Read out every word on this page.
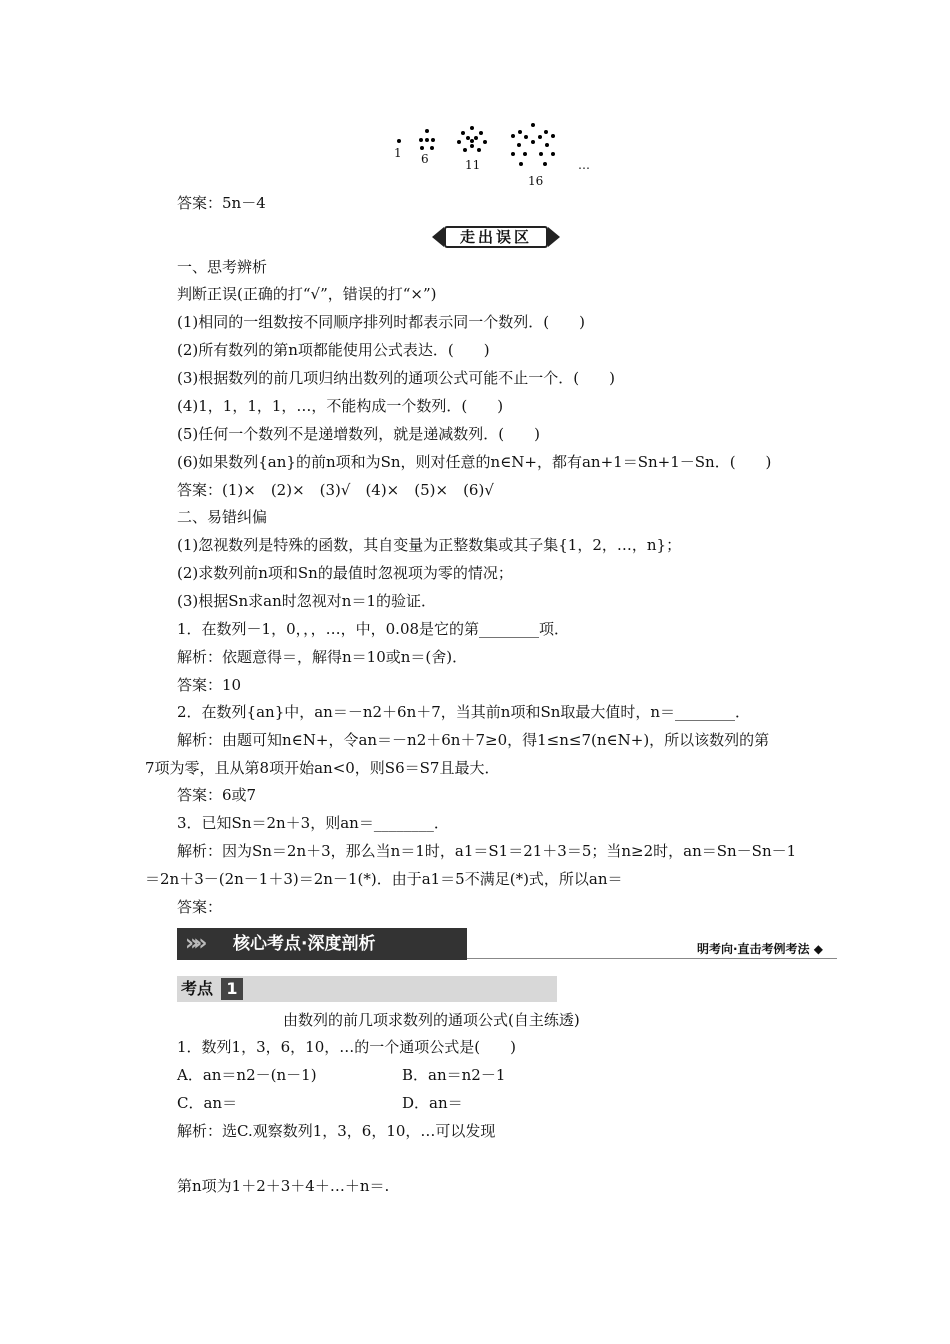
1 6	11
16
…
答案：5n－4
走出误区
一、思考辨析
判断正误(正确的打“√”，错误的打“×”)
(1)相同的一组数按不同顺序排列时都表示同一个数列．(　　)
(2)所有数列的第n项都能使用公式表达．(　　)
(3)根据数列的前几项归纳出数列的通项公式可能不止一个．(　　)
(4)1，1，1，1，…，不能构成一个数列．(　　)
(5)任何一个数列不是递增数列，就是递减数列．(　　)
(6)如果数列{an}的前n项和为Sn，则对任意的n∈N+，都有an+1＝Sn+1－Sn．(　　)
答案：(1)×　(2)×　(3)√　(4)×　(5)×　(6)√
二、易错纠偏
(1)忽视数列是特殊的函数，其自变量为正整数集或其子集{1，2，…，n}；
(2)求数列前n项和Sn的最值时忽视项为零的情况；
(3)根据Sn求an时忽视对n＝1的验证．
1．在数列－1，0，，，…，中，0.08是它的第________项．
解析：依题意得＝，解得n＝10或n＝(舍)．
答案：10
2．在数列{an}中，an＝－n2＋6n＋7，当其前n项和Sn取最大值时，n＝________．
解析：由题可知n∈N+，令an＝－n2＋6n＋7≥0，得1≤n≤7(n∈N+)，所以该数列的第
7项为零，且从第8项开始an<0，则S6＝S7且最大．
答案：6或7
3．已知Sn＝2n＋3，则an＝________．
解析：因为Sn＝2n＋3，那么当n＝1时，a1＝S1＝21＋3＝5；当n≥2时，an＝Sn－Sn－1
＝2n＋3－(2n－1＋3)＝2n－1(*)．由于a1＝5不满足(*)式，所以an＝
答案：
»» 核心考点·深度剖析	明考向·直击考例考法 ◆
考点 1
由数列的前几项求数列的通项公式(自主练透)
1．数列1，3，6，10，…的一个通项公式是(　　)
A．an＝n2－(n－1)	B．an＝n2－1
C．an＝	D．an＝
解析：选C.观察数列1，3，6，10，…可以发现
第n项为1＋2＋3＋4＋…＋n＝.
